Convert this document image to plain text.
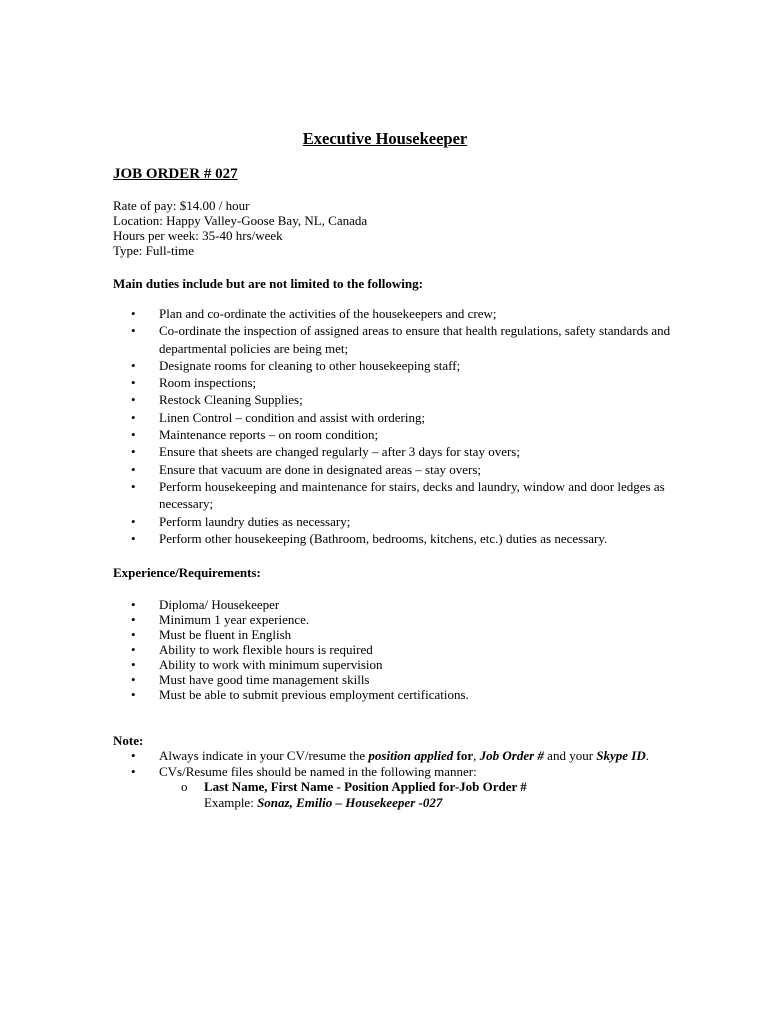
Executive Housekeeper
JOB ORDER # 027
Rate of pay: $14.00 / hour
Location: Happy Valley-Goose Bay, NL, Canada
Hours per week: 35-40 hrs/week
Type: Full-time
Main duties include but are not limited to the following:
• Plan and co-ordinate the activities of the housekeepers and crew;
• Co-ordinate the inspection of assigned areas to ensure that health regulations, safety standards and departmental policies are being met;
• Designate rooms for cleaning to other housekeeping staff;
• Room inspections;
• Restock Cleaning Supplies;
• Linen Control – condition and assist with ordering;
• Maintenance reports – on room condition;
• Ensure that sheets are changed regularly – after 3 days for stay overs;
• Ensure that vacuum are done in designated areas – stay overs;
• Perform housekeeping and maintenance for stairs, decks and laundry, window and door ledges as necessary;
• Perform laundry duties as necessary;
• Perform other housekeeping (Bathroom, bedrooms, kitchens, etc.) duties as necessary.
Experience/Requirements:
• Diploma/ Housekeeper
• Minimum 1 year experience.
• Must be fluent in English
• Ability to work flexible hours is required
• Ability to work with minimum supervision
• Must have good time management skills
• Must be able to submit previous employment certifications.
Note:
• Always indicate in your CV/resume the position applied for, Job Order # and your Skype ID.
• CVs/Resume files should be named in the following manner:
o Last Name, First Name - Position Applied for-Job Order #
Example: Sonaz, Emilio – Housekeeper -027
